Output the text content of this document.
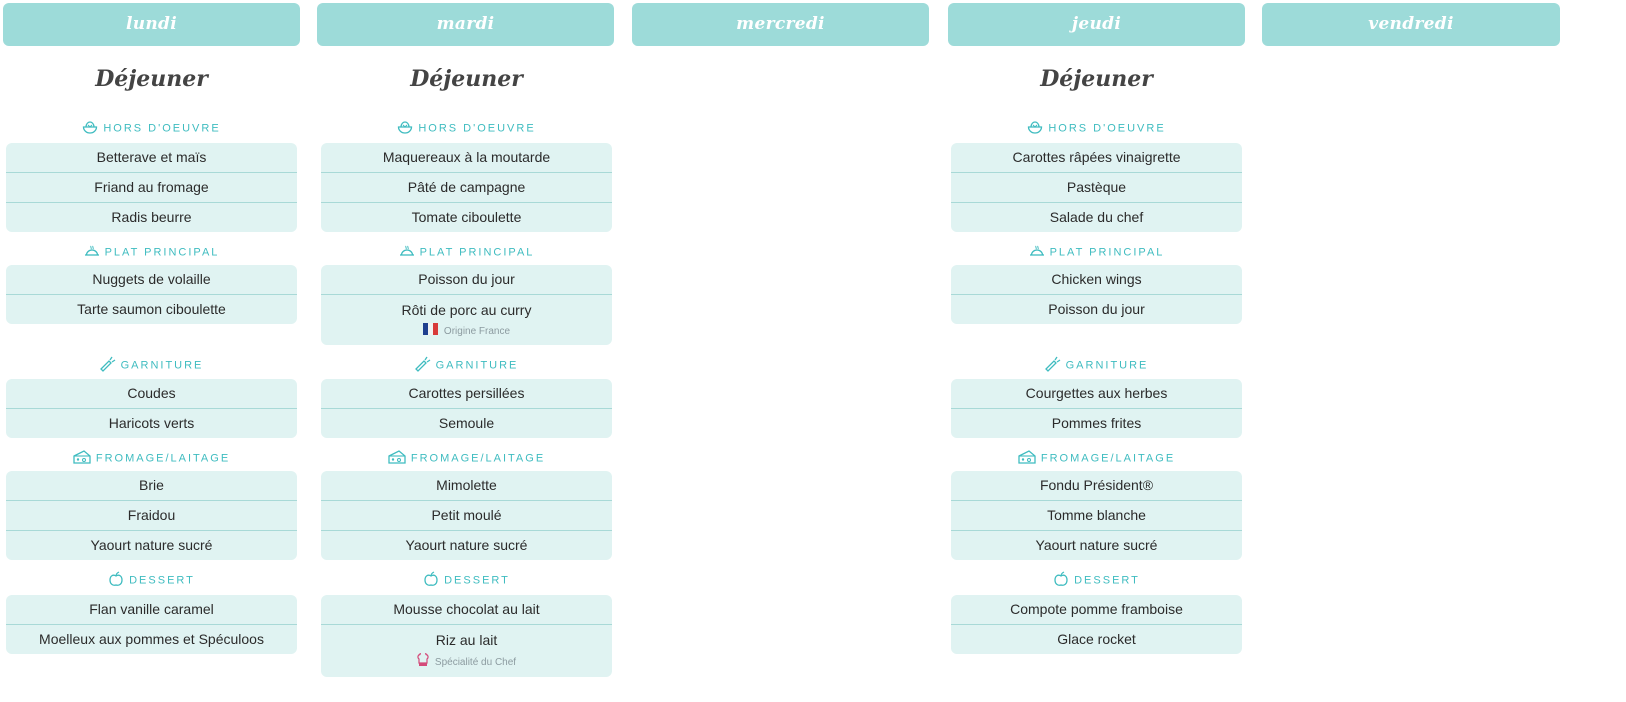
lundi	mardi	mercredi	jeudi	vendredi
Déjeuner
HORS D'OEUVRE
Betterave et maïs
Friand au fromage
Radis beurre
PLAT PRINCIPAL
Nuggets de volaille
Tarte saumon ciboulette
GARNITURE
Coudes
Haricots verts
FROMAGE/LAITAGE
Brie
Fraidou
Yaourt nature sucré
DESSERT
Flan vanille caramel
Moelleux aux pommes et Spéculoos
Déjeuner
HORS D'OEUVRE
Maquereaux à la moutarde
Pâté de campagne
Tomate ciboulette
PLAT PRINCIPAL
Poisson du jour
Rôti de porc au curry
Origine France
GARNITURE
Carottes persillées
Semoule
FROMAGE/LAITAGE
Mimolette
Petit moulé
Yaourt nature sucré
DESSERT
Mousse chocolat au lait
Riz au lait
Spécialité du Chef
Déjeuner
HORS D'OEUVRE
Carottes râpées vinaigrette
Pastèque
Salade du chef
PLAT PRINCIPAL
Chicken wings
Poisson du jour
GARNITURE
Courgettes aux herbes
Pommes frites
FROMAGE/LAITAGE
Fondu Président®
Tomme blanche
Yaourt nature sucré
DESSERT
Compote pomme framboise
Glace rocket
